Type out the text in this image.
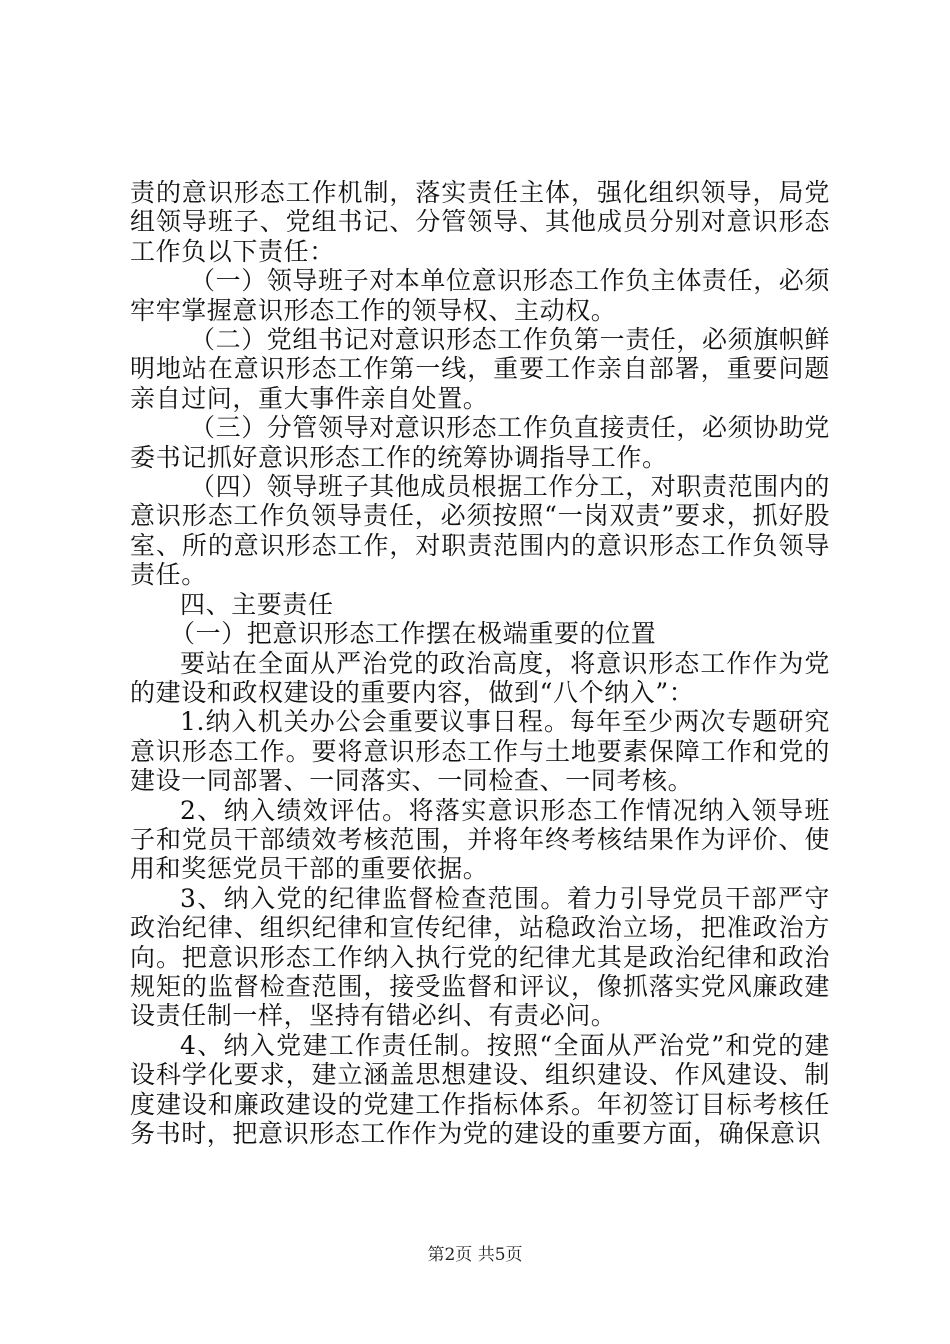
责的意识形态工作机制，落实责任主体，强化组织领导，局党组领导班子、党组书记、分管领导、其他成员分别对意识形态工作负以下责任：

（一）领导班子对本单位意识形态工作负主体责任，必须牢牢掌握意识形态工作的领导权、主动权。

（二）党组书记对意识形态工作负第一责任，必须旗帜鲜明地站在意识形态工作第一线，重要工作亲自部署，重要问题亲自过问，重大事件亲自处置。

（三）分管领导对意识形态工作负直接责任，必须协助党委书记抓好意识形态工作的统筹协调指导工作。

（四）领导班子其他成员根据工作分工，对职责范围内的意识形态工作负领导责任，必须按照“一岗双责”要求，抓好股室、所的意识形态工作，对职责范围内的意识形态工作负领导责任。

四、主要责任

（一）把意识形态工作摆在极端重要的位置

要站在全面从严治党的政治高度，将意识形态工作作为党的建设和政权建设的重要内容，做到“八个纳入”：

1.纳入机关办公会重要议事日程。每年至少两次专题研究意识形态工作。要将意识形态工作与土地要素保障工作和党的建设一同部署、一同落实、一同检查、一同考核。

2、纳入绩效评估。将落实意识形态工作情况纳入领导班子和党员干部绩效考核范围，并将年终考核结果作为评价、使用和奖惩党员干部的重要依据。

3、纳入党的纪律监督检查范围。着力引导党员干部严守政治纪律、组织纪律和宣传纪律，站稳政治立场，把准政治方向。把意识形态工作纳入执行党的纪律尤其是政治纪律和政治规矩的监督检查范围，接受监督和评议，像抓落实党风廉政建设责任制一样，坚持有错必纠、有责必问。

4、纳入党建工作责任制。按照“全面从严治党”和党的建设科学化要求，建立涵盖思想建设、组织建设、作风建设、制度建设和廉政建设的党建工作指标体系。年初签订目标考核任务书时，把意识形态工作作为党的建设的重要方面，确保意识

第2页 共5页
